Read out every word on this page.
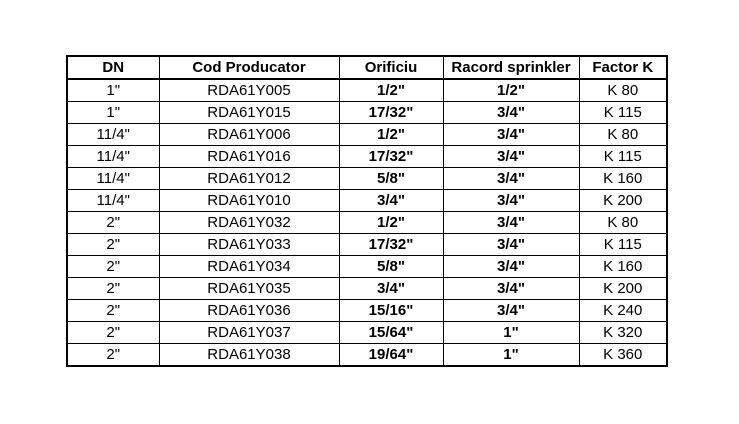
DN	Cod Producator	Orificiu	Racord sprinkler	Factor K
1"	RDA61Y005	1/2"	1/2"	K 80
1"	RDA61Y015	17/32"	3/4"	K 115
11/4"	RDA61Y006	1/2"	3/4"	K 80
11/4"	RDA61Y016	17/32"	3/4"	K 115
11/4"	RDA61Y012	5/8"	3/4"	K 160
11/4"	RDA61Y010	3/4"	3/4"	K 200
2"	RDA61Y032	1/2"	3/4"	K 80
2"	RDA61Y033	17/32"	3/4"	K 115
2"	RDA61Y034	5/8"	3/4"	K 160
2"	RDA61Y035	3/4"	3/4"	K 200
2"	RDA61Y036	15/16"	3/4"	K 240
2"	RDA61Y037	15/64"	1"	K 320
2"	RDA61Y038	19/64"	1"	K 360
